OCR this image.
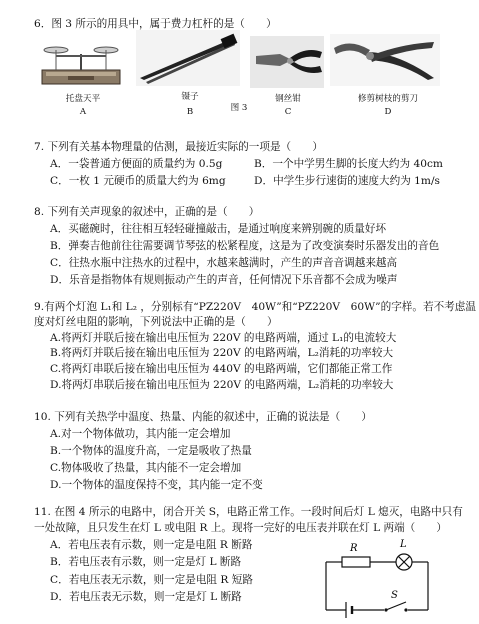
6．图 3 所示的用具中，属于费力杠杆的是（　　）
托盘天平
A
镊子
B	图 3
钢丝钳
C
修剪树枝的剪刀
D
7. 下列有关基本物理量的估测，最接近实际的一项是（　　）
A．一袋普通方便面的质量约为 0.5g	B．一个中学男生脚的长度大约为 40cm
C．一枚 1 元硬币的质量大约为 6mg	D．中学生步行速街的速度大约为 1m/s
8. 下列有关声现象的叙述中，正确的是（　　）
A．买磁碗时，往往相互轻轻碰撞敲击，是通过响度来辨别碗的质量好坏
B．弹奏吉他前往往需要调节琴弦的松紧程度，这是为了改变演奏时乐器发出的音色
C．往热水瓶中注热水的过程中，水越来越满时，产生的声音音调越来越高
D．乐音是指物体有规则振动产生的声音，任何情况下乐音都不会成为噪声
9.有两个灯泡 L₁和 L₂ ，分别标有“PZ220V　40W”和“PZ220V　60W”的字样。若不考虑温
度对灯丝电阻的影响，下列说法中正确的是（　　）
A.将两灯并联后接在输出电压恒为 220V 的电路两端，通过 L₁的电流较大
B.将两灯并联后接在输出电压恒为 220V 的电路两端，L₂消耗的功率较大
C.将两灯串联后接在输出电压恒为 440V 的电路两端，它们都能正常工作
D.将两灯串联后接在输出电压恒为 220V 的电路两端，L₂消耗的功率较大
10. 下列有关热学中温度、热量、内能的叙述中，正确的说法是（　　）
A.对一个物体做功，其内能一定会增加
B.一个物体的温度升高，一定是吸收了热量
C.物体吸收了热量，其内能不一定会增加
D.一个物体的温度保持不变，其内能一定不变
11. 在图 4 所示的电路中，闭合开关 S，电路正常工作。一段时间后灯 L 熄灭，电路中只有
一处故障，且只发生在灯 L 或电阻 R 上。现将一完好的电压表并联在灯 L 两端（　　）
A．若电压表有示数，则一定是电阻 R 断路
B．若电压表有示数，则一定是灯 L 断路
C．若电压表无示数，则一定是电阻 R 短路
D．若电压表无示数，则一定是灯 L 断路
R	L
S
